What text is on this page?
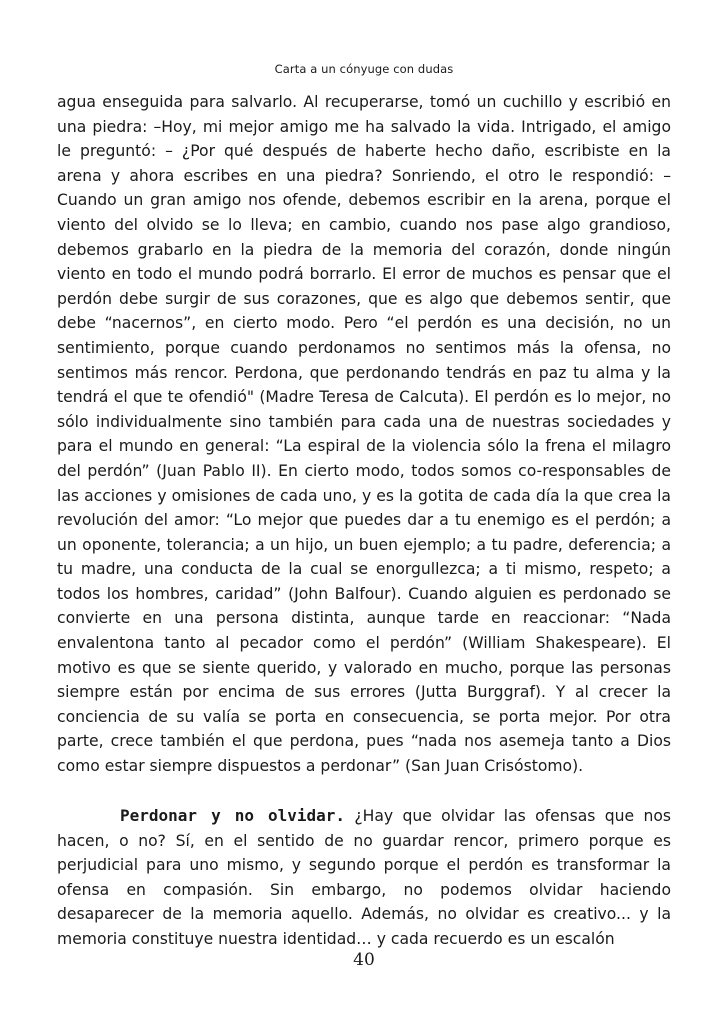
Carta a un cónyuge con dudas

agua enseguida para salvarlo. Al recuperarse, tomó un cuchillo y escribió en una piedra: –Hoy, mi mejor amigo me ha salvado la vida. Intrigado, el amigo le preguntó: – ¿Por qué después de haberte hecho daño, escribiste en la arena y ahora escribes en una piedra? Sonriendo, el otro le respondió: – Cuando un gran amigo nos ofende, debemos escribir en la arena, porque el viento del olvido se lo lleva; en cambio, cuando nos pase algo grandioso, debemos grabarlo en la piedra de la memoria del corazón, donde ningún viento en todo el mundo podrá borrarlo. El error de muchos es pensar que el perdón debe surgir de sus corazones, que es algo que debemos sentir, que debe “nacernos”, en cierto modo. Pero “el perdón es una decisión, no un sentimiento, porque cuando perdonamos no sentimos más la ofensa, no sentimos más rencor. Perdona, que perdonando tendrás en paz tu alma y la tendrá el que te ofendió" (Madre Teresa de Calcuta). El perdón es lo mejor, no sólo individualmente sino también para cada una de nuestras sociedades y para el mundo en general: “La espiral de la violencia sólo la frena el milagro del perdón” (Juan Pablo II). En cierto modo, todos somos co-responsables de las acciones y omisiones de cada uno, y es la gotita de cada día la que crea la revolución del amor: “Lo mejor que puedes dar a tu enemigo es el perdón; a un oponente, tolerancia; a un hijo, un buen ejemplo; a tu padre, deferencia; a tu madre, una conducta de la cual se enorgullezca; a ti mismo, respeto; a todos los hombres, caridad” (John Balfour). Cuando alguien es perdonado se convierte en una persona distinta, aunque tarde en reaccionar: “Nada envalentona tanto al pecador como el perdón” (William Shakespeare). El motivo es que se siente querido, y valorado en mucho, porque las personas siempre están por encima de sus errores (Jutta Burggraf). Y al crecer la conciencia de su valía se porta en consecuencia, se porta mejor. Por otra parte, crece también el que perdona, pues “nada nos asemeja tanto a Dios como estar siempre dispuestos a perdonar” (San Juan Crisóstomo).

Perdonar y no olvidar. ¿Hay que olvidar las ofensas que nos hacen, o no? Sí, en el sentido de no guardar rencor, primero porque es perjudicial para uno mismo, y segundo porque el perdón es transformar la ofensa en compasión. Sin embargo, no podemos olvidar haciendo desaparecer de la memoria aquello. Además, no olvidar es creativo... y la memoria constituye nuestra identidad… y cada recuerdo es un escalón

40
